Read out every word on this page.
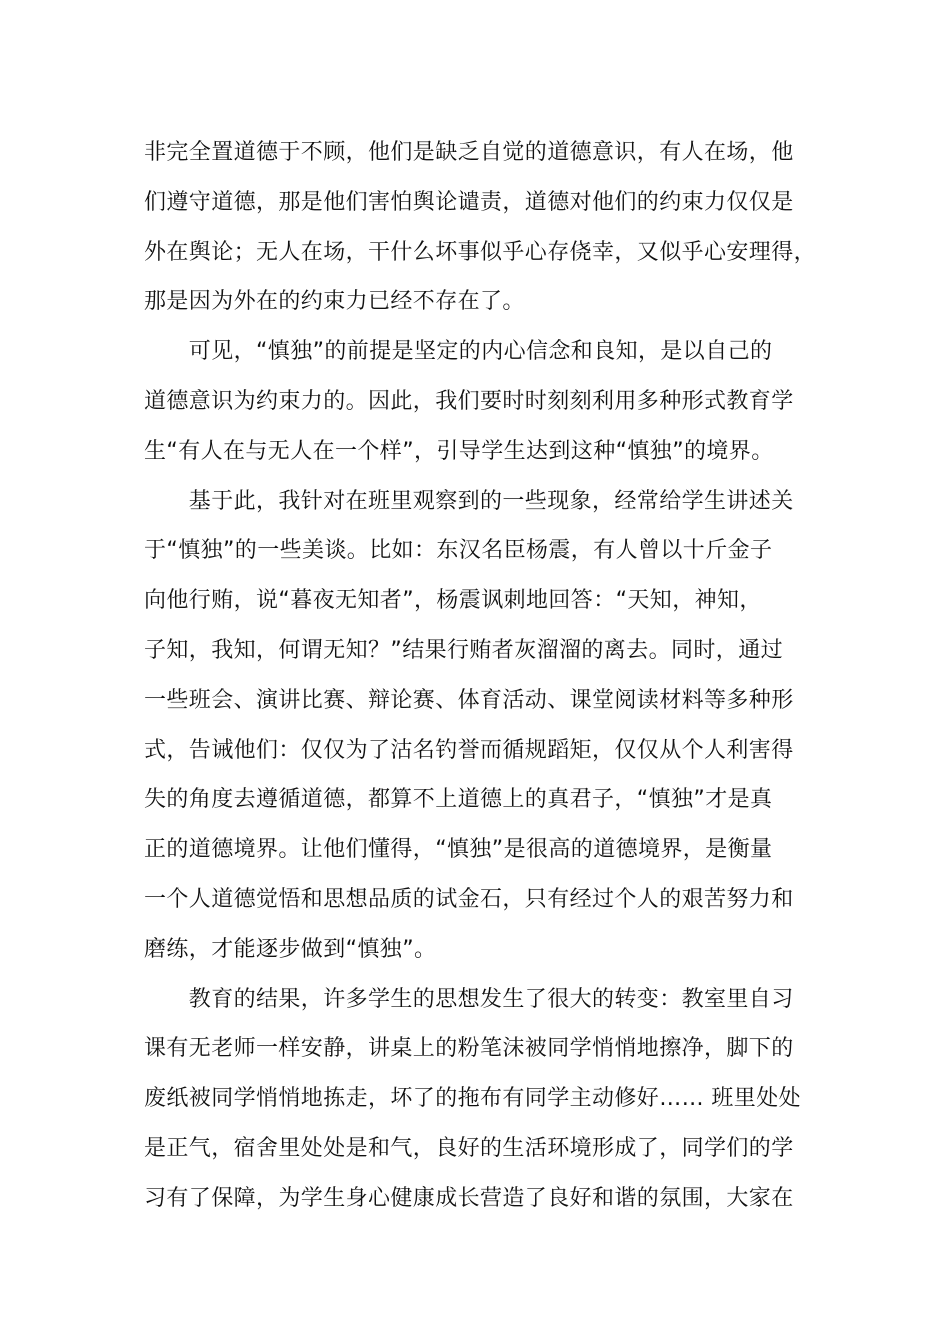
非完全置道德于不顾，他们是缺乏自觉的道德意识，有人在场，他
们遵守道德，那是他们害怕舆论谴责，道德对他们的约束力仅仅是
外在舆论；无人在场，干什么坏事似乎心存侥幸，又似乎心安理得，
那是因为外在的约束力已经不存在了。
　　可见，“慎独”的前提是坚定的内心信念和良知，是以自己的
道德意识为约束力的。因此，我们要时时刻刻利用多种形式教育学
生“有人在与无人在一个样”，引导学生达到这种“慎独”的境界。
　　基于此，我针对在班里观察到的一些现象，经常给学生讲述关
于“慎独”的一些美谈。比如：东汉名臣杨震，有人曾以十斤金子
向他行贿，说“暮夜无知者”，杨震讽刺地回答：“天知，神知，
子知，我知，何谓无知？”结果行贿者灰溜溜的离去。同时，通过
一些班会、演讲比赛、辩论赛、体育活动、课堂阅读材料等多种形
式，告诫他们：仅仅为了沽名钓誉而循规蹈矩，仅仅从个人利害得
失的角度去遵循道德，都算不上道德上的真君子，“慎独”才是真
正的道德境界。让他们懂得，“慎独”是很高的道德境界，是衡量
一个人道德觉悟和思想品质的试金石，只有经过个人的艰苦努力和
磨练，才能逐步做到“慎独”。
　　教育的结果，许多学生的思想发生了很大的转变：教室里自习
课有无老师一样安静，讲桌上的粉笔沫被同学悄悄地擦净，脚下的
废纸被同学悄悄地拣走，坏了的拖布有同学主动修好…… 班里处处
是正气，宿舍里处处是和气，良好的生活环境形成了，同学们的学
习有了保障，为学生身心健康成长营造了良好和谐的氛围，大家在
